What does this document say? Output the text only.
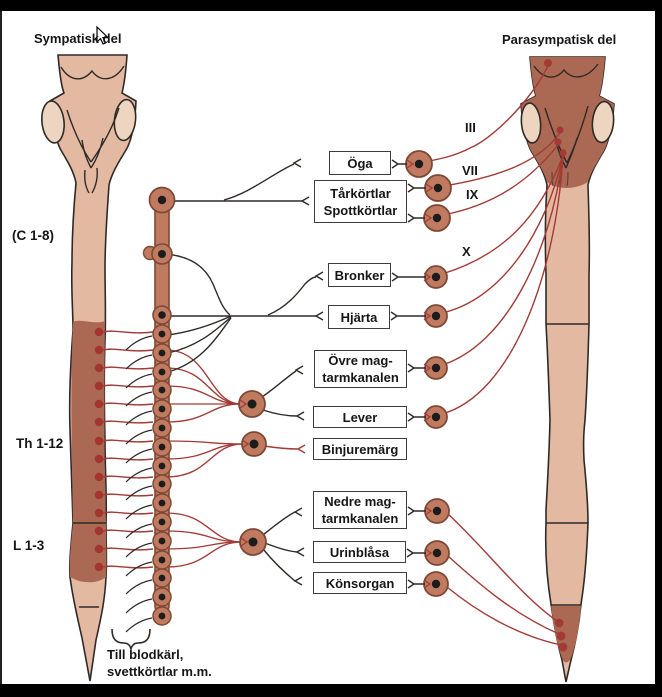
Sympatisk del	Parasympatisk del
(C 1-8)
Th 1-12
L 1-3
III
VII
IX
X
Till blodkärl,
svettkörtlar m.m.
Öga
Tårkörtlar
Spottkörtlar
Bronker
Hjärta
Övre mag-
tarmkanalen
Lever
Binjuremärg
Nedre mag-
tarmkanalen
Urinblåsa
Könsorgan
